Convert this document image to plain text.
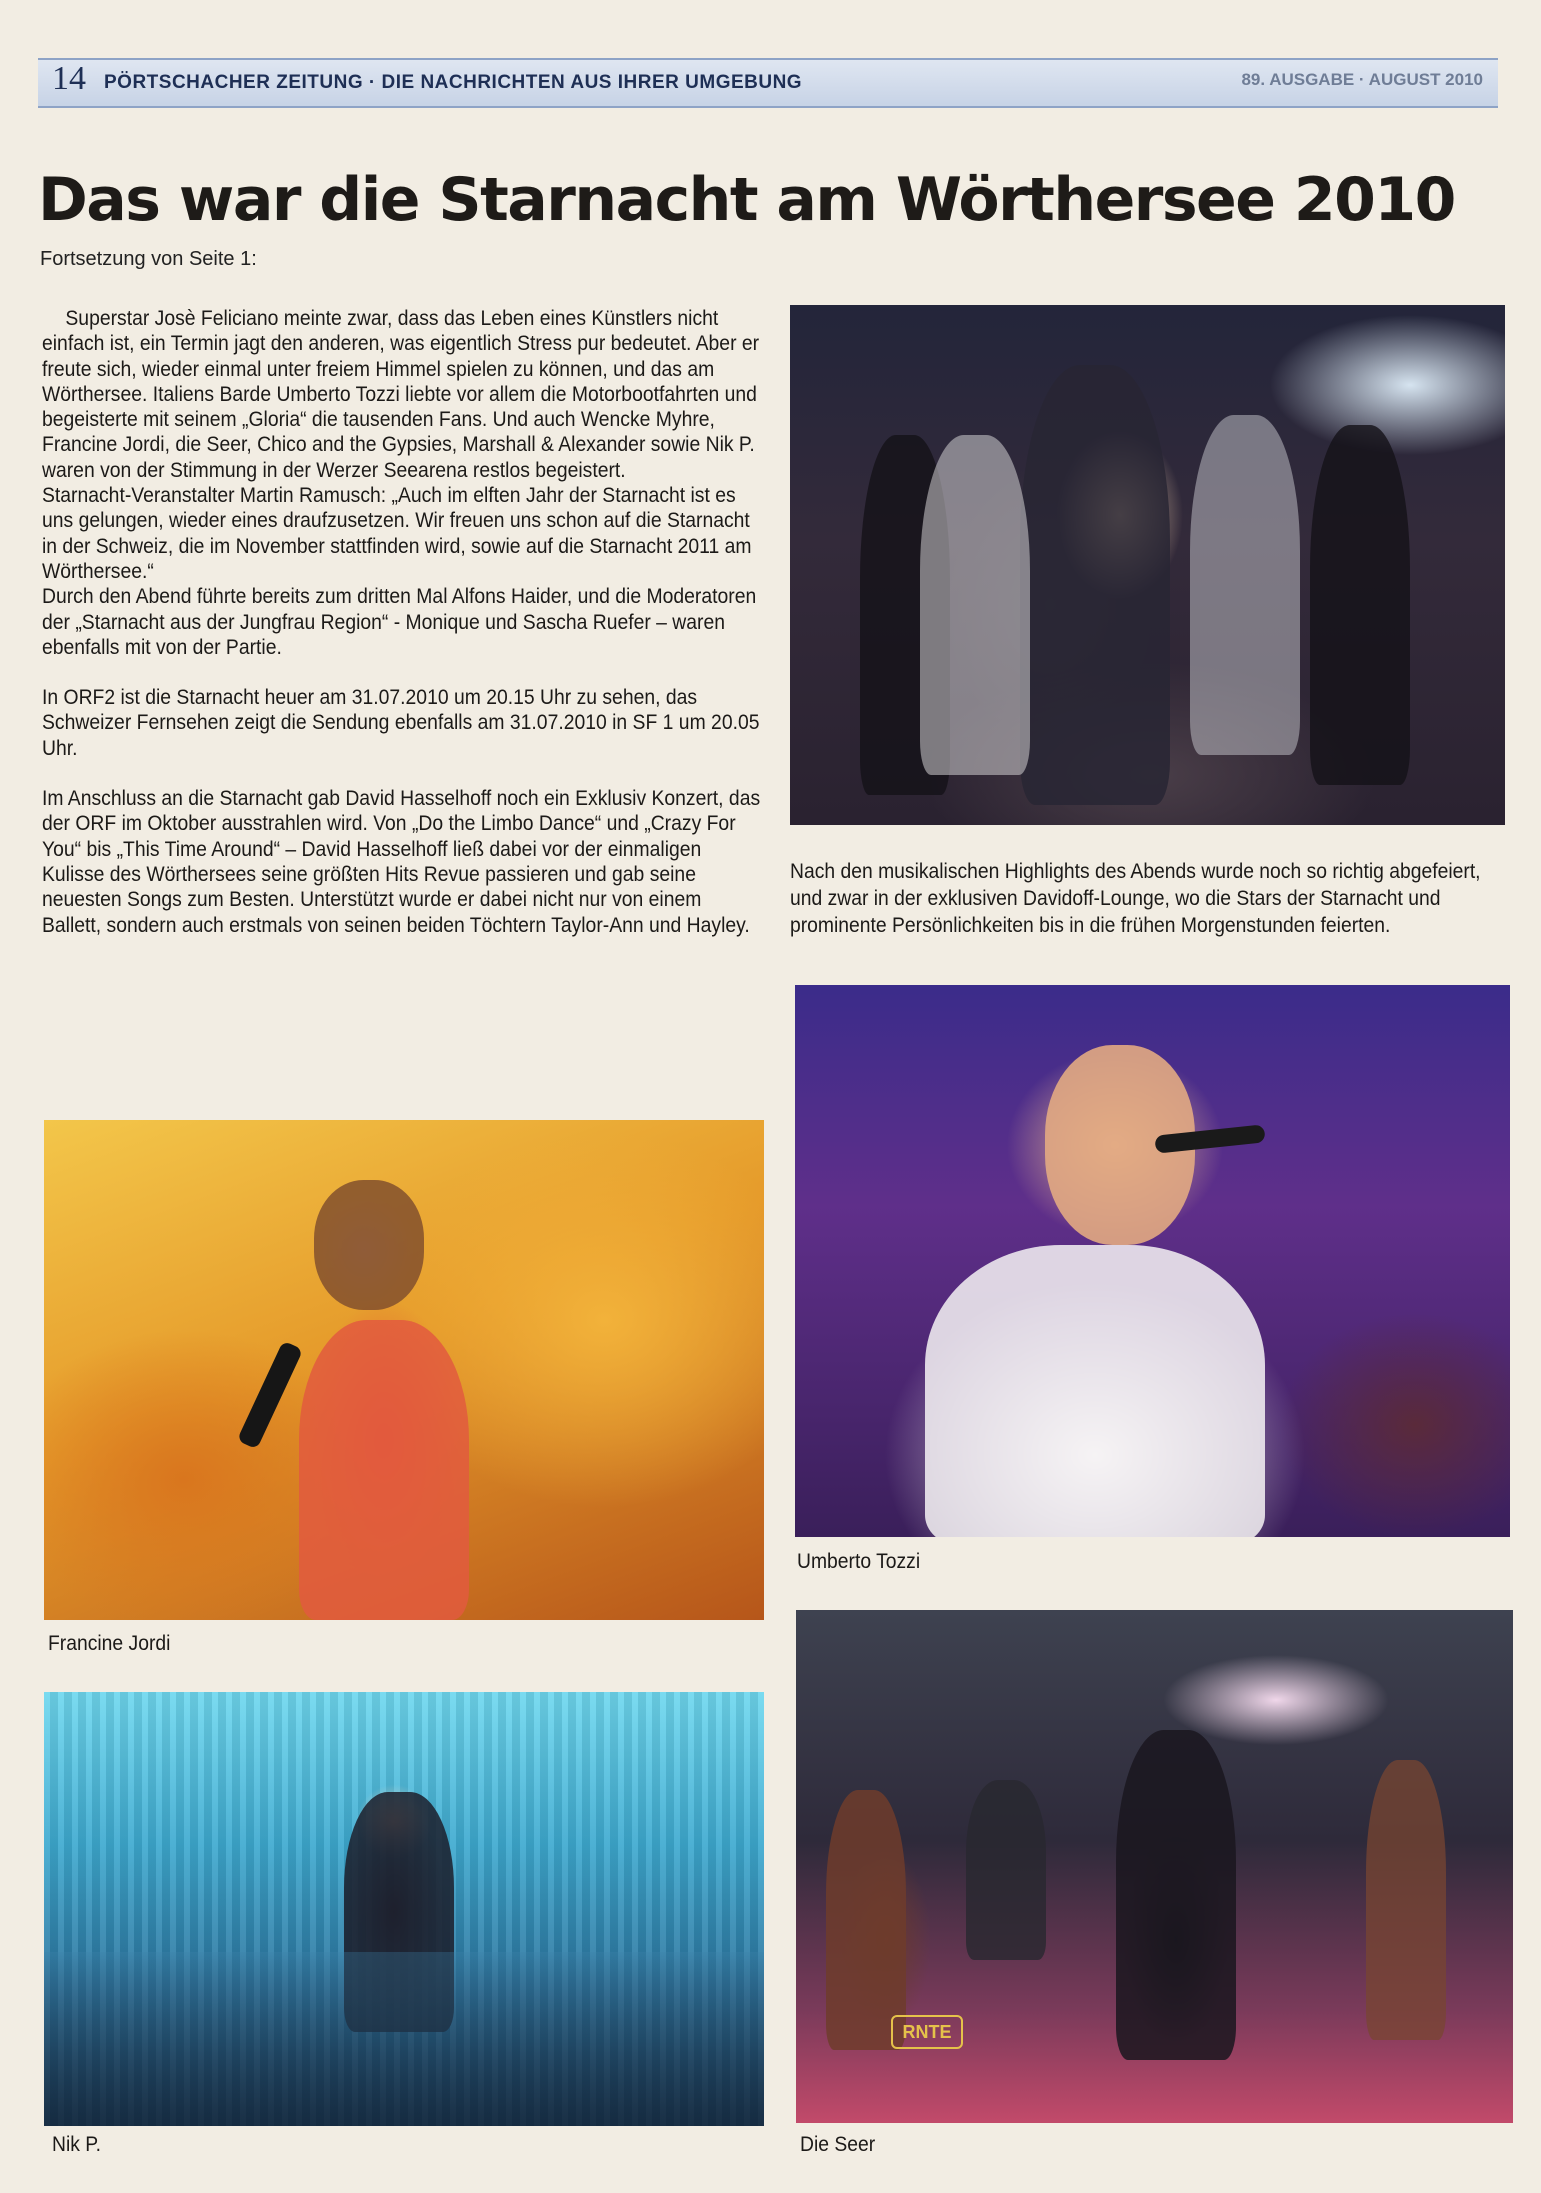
14 PÖRTSCHACHER ZEITUNG · DIE NACHRICHTEN AUS IHRER UMGEBUNG	89. AUSGABE · AUGUST 2010
Das war die Starnacht am Wörthersee 2010
Fortsetzung von Seite 1:

Superstar Josè Feliciano meinte zwar, dass das Leben eines Künstlers nicht einfach ist, ein Termin jagt den anderen, was eigentlich Stress pur bedeutet. Aber er freute sich, wieder einmal unter freiem Himmel spielen zu können, und das am Wörthersee. Italiens Barde Umberto Tozzi liebte vor allem die Motorbootfahrten und begeisterte mit seinem „Gloria“ die tausenden Fans. Und auch Wencke Myhre, Francine Jordi, die Seer, Chico and the Gypsies, Marshall & Alexander sowie Nik P. waren von der Stimmung in der Werzer Seearena restlos begeistert.

Starnacht-Veranstalter Martin Ramusch: „Auch im elften Jahr der Starnacht ist es uns gelungen, wieder eines draufzusetzen. Wir freuen uns schon auf die Starnacht in der Schweiz, die im November stattfinden wird, sowie auf die Starnacht 2011 am Wörthersee.“

Durch den Abend führte bereits zum dritten Mal Alfons Haider, und die Moderatoren der „Starnacht aus der Jungfrau Region“ - Monique und Sascha Ruefer – waren ebenfalls mit von der Partie.

In ORF2 ist die Starnacht heuer am 31.07.2010 um 20.15 Uhr zu sehen, das Schweizer Fernsehen zeigt die Sendung ebenfalls am 31.07.2010 in SF 1 um 20.05 Uhr.

Im Anschluss an die Starnacht gab David Hasselhoff noch ein Exklusiv Konzert, das der ORF im Oktober ausstrahlen wird. Von „Do the Limbo Dance“ und „Crazy For You“ bis „This Time Around“ – David Hasselhoff ließ dabei vor der einmaligen Kulisse des Wörthersees seine größten Hits Revue passieren und gab seine neuesten Songs zum Besten. Unterstützt wurde er dabei nicht nur von einem Ballett, sondern auch erstmals von seinen beiden Töchtern Taylor-Ann und Hayley.

Nach den musikalischen Highlights des Abends wurde noch so richtig abgefeiert, und zwar in der exklusiven Davidoff-Lounge, wo die Stars der Starnacht und prominente Persönlichkeiten bis in die frühen Morgenstunden feierten.
Umberto Tozzi
Francine Jordi
Nik P.
RNTE
Die Seer
